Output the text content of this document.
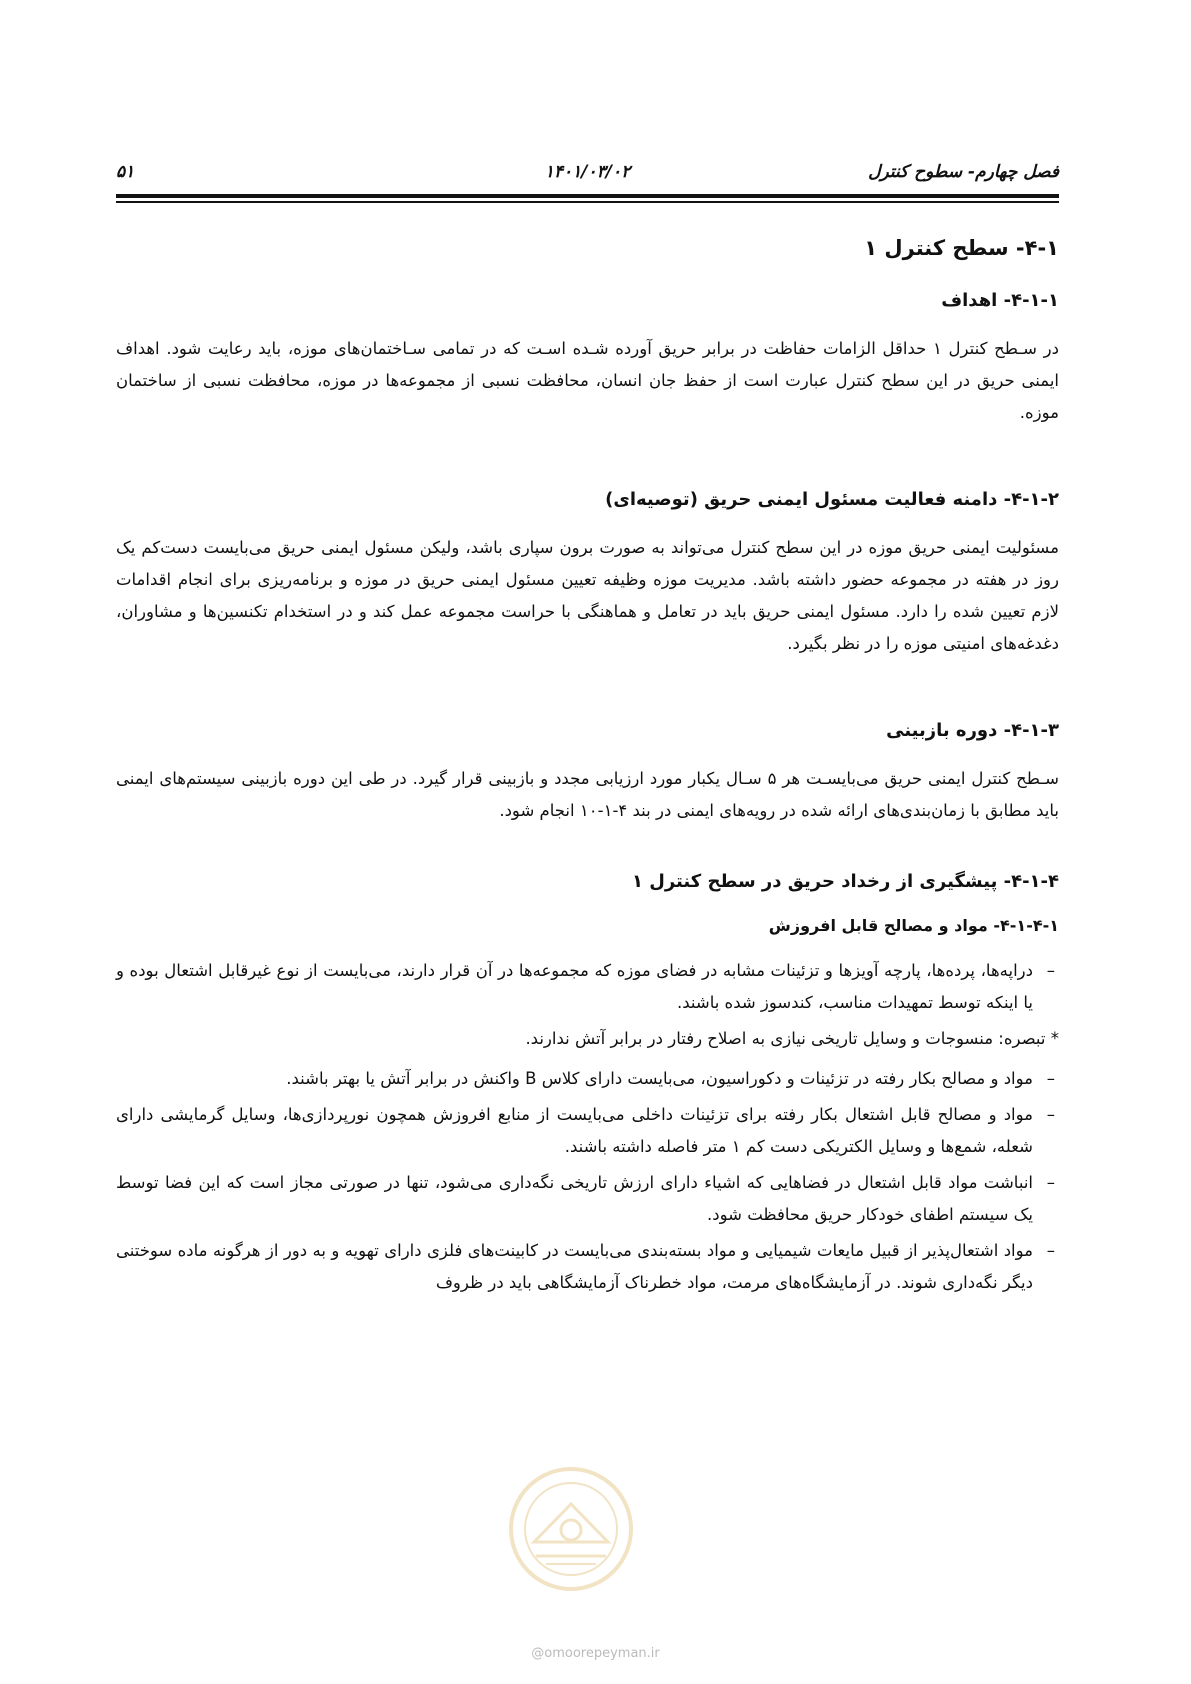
فصل چهارم- سطوح کنترل
۱۴۰۱/۰۳/۰۲
۵۱
۴-۱- سطح کنترل ۱
۴-۱-۱- اهداف

در سـطح کنترل ۱ حداقل الزامات حفاظت در برابر حریق آورده شـده اسـت که در تمامی سـاختمان‌های موزه، باید رعایت شود. اهداف ایمنی حریق در این سطح کنترل عبارت است از حفظ جان انسان، محافظت نسبی از مجموعه‌ها در موزه، محافظت نسبی از ساختمان موزه.

۴-۱-۲- دامنه فعالیت مسئول ایمنی حریق (توصیه‌ای)

مسئولیت ایمنی حریق موزه در این سطح کنترل می‌تواند به صورت برون سپاری باشد، ولیکن مسئول ایمنی حریق می‌بایست دست‌کم یک روز در هفته در مجموعه حضور داشته باشد. مدیریت موزه وظیفه تعیین مسئول ایمنی حریق در موزه و برنامه‌ریزی برای انجام اقدامات لازم تعیین شده را دارد. مسئول ایمنی حریق باید در تعامل و هماهنگی با حراست مجموعه عمل کند و در استخدام تکنسین‌ها و مشاوران، دغدغه‌های امنیتی موزه را در نظر بگیرد.

۴-۱-۳- دوره بازبینی

سـطح کنترل ایمنی حریق می‌بایسـت هر ۵ سـال یکبار مورد ارزیابی مجدد و بازبینی قرار گیرد. در طی این دوره بازبینی سیستم‌های ایمنی باید مطابق با زمان‌بندی‌های ارائه شده در رویه‌های ایمنی در بند ۴-۱-۱۰ انجام شود.

۴-۱-۴- پیشگیری از رخداد حریق در سطح کنترل ۱
۴-۱-۴-۱- مواد و مصالح قابل افروزش
– دراپه‌ها، پرده‌ها، پارچه آویزها و تزئینات مشابه در فضای موزه که مجموعه‌ها در آن قرار دارند، می‌بایست از نوع غیرقابل اشتعال بوده و یا اینکه توسط تمهیدات مناسب، کندسوز شده باشند.
* تبصره: منسوجات و وسایل تاریخی نیازی به اصلاح رفتار در برابر آتش ندارند.
– مواد و مصالح بکار رفته در تزئینات و دکوراسیون، می‌بایست دارای کلاس B واکنش در برابر آتش یا بهتر باشند.
– مواد و مصالح قابل اشتعال بکار رفته برای تزئینات داخلی می‌بایست از منابع افروزش همچون نورپردازی‌ها، وسایل گرمایشی دارای شعله، شمع‌ها و وسایل الکتریکی دست کم ۱ متر فاصله داشته باشند.
– انباشت مواد قابل اشتعال در فضاهایی که اشیاء دارای ارزش تاریخی نگه‌داری می‌شود، تنها در صورتی مجاز است که این فضا توسط یک سیستم اطفای خودکار حریق محافظت شود.
– مواد اشتعال‌پذیر از قبیل مایعات شیمیایی و مواد بسته‌بندی می‌بایست در کابینت‌های فلزی دارای تهویه و به دور از هرگونه ماده سوختنی دیگر نگه‌داری شوند. در آزمایشگاه‌های مرمت، مواد خطرناک آزمایشگاهی باید در ظروف
@omoorepeyman.ir
